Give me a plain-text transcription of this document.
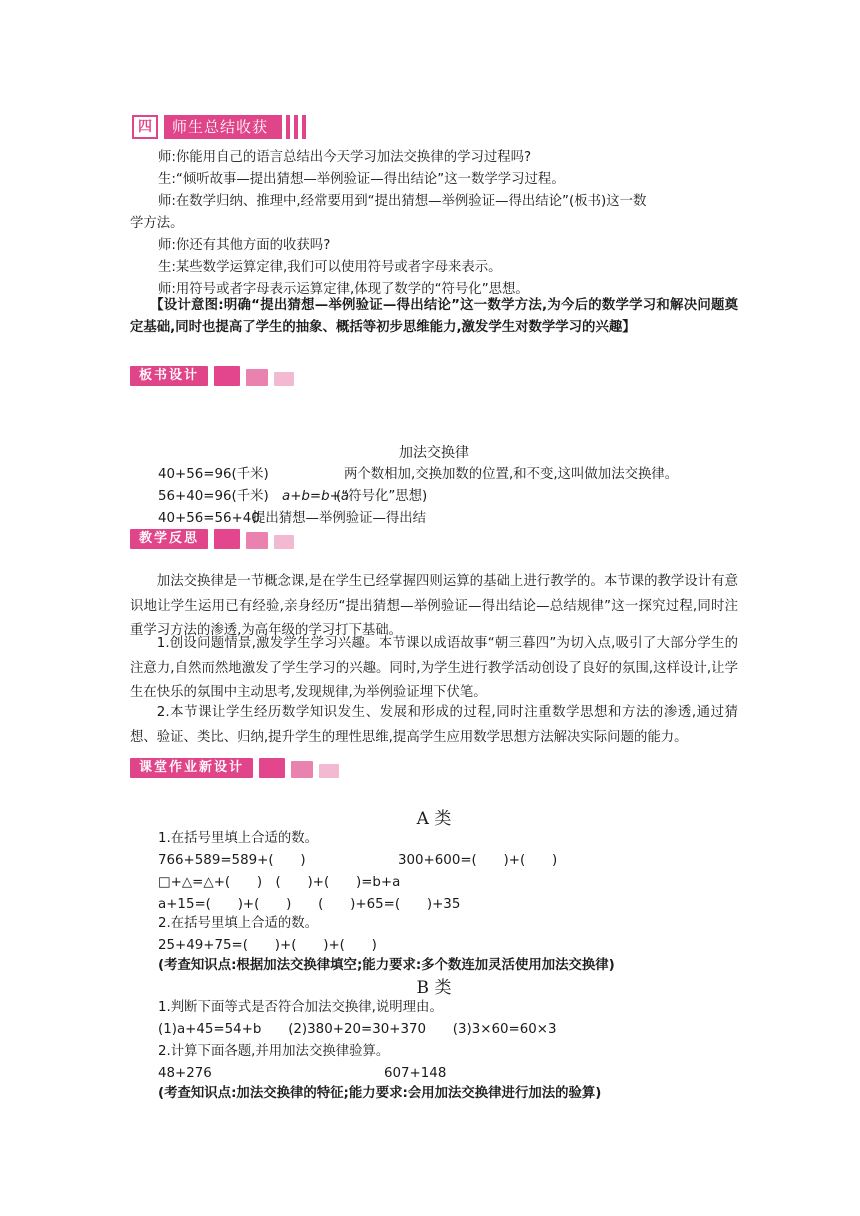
四	师生总结收获
师:你能用自己的语言总结出今天学习加法交换律的学习过程吗?
生:“倾听故事—提出猜想—举例验证—得出结论”这一数学学习过程。
师:在数学归纳、推理中,经常要用到“提出猜想—举例验证—得出结论”(板书)这一数
学方法。
师:你还有其他方面的收获吗?
生:某些数学运算定律,我们可以使用符号或者字母来表示。
师:用符号或者字母表示运算定律,体现了数学的“符号化”思想。
【设计意图:明确“提出猜想—举例验证—得出结论”这一数学方法,为今后的数学学习和解决问题奠定基础,同时也提高了学生的抽象、概括等初步思维能力,激发学生对数学学习的兴趣】
板书设计
加法交换律
40+56=96(千米)	两个数相加,交换加数的位置,和不变,这叫做加法交换律。
56+40=96(千米) a+b=b+a
(“符号化”思想)
40+56=56+40
提出猜想—举例验证—得出结
教学反思
加法交换律是一节概念课,是在学生已经掌握四则运算的基础上进行教学的。本节课的教学设计有意识地让学生运用已有经验,亲身经历“提出猜想—举例验证—得出结论—总结规律”这一探究过程,同时注重学习方法的渗透,为高年级的学习打下基础。
1.创设问题情景,激发学生学习兴趣。本节课以成语故事“朝三暮四”为切入点,吸引了大部分学生的注意力,自然而然地激发了学生学习的兴趣。同时,为学生进行教学活动创设了良好的氛围,这样设计,让学生在快乐的氛围中主动思考,发现规律,为举例验证埋下伏笔。
2.本节课让学生经历数学知识发生、发展和形成的过程,同时注重数学思想和方法的渗透,通过猜想、验证、类比、归纳,提升学生的理性思维,提高学生应用数学思想方法解决实际问题的能力。
课堂作业新设计
A 类
1.在括号里填上合适的数。
766+589=589+(　　)	300+600=(　　)+(　　)
□+△=△+(　　)　(　　)+(　　)=b+a
a+15=(　　)+(　　)　　(　　)+65=(　　)+35
2.在括号里填上合适的数。
25+49+75=(　　)+(　　)+(　　)
(考查知识点:根据加法交换律填空;能力要求:多个数连加灵活使用加法交换律)
B 类
1.判断下面等式是否符合加法交换律,说明理由。
(1)a+45=54+b　　(2)380+20=30+370　　(3)3×60=60×3
2.计算下面各题,并用加法交换律验算。
48+276	607+148
(考查知识点:加法交换律的特征;能力要求:会用加法交换律进行加法的验算)
